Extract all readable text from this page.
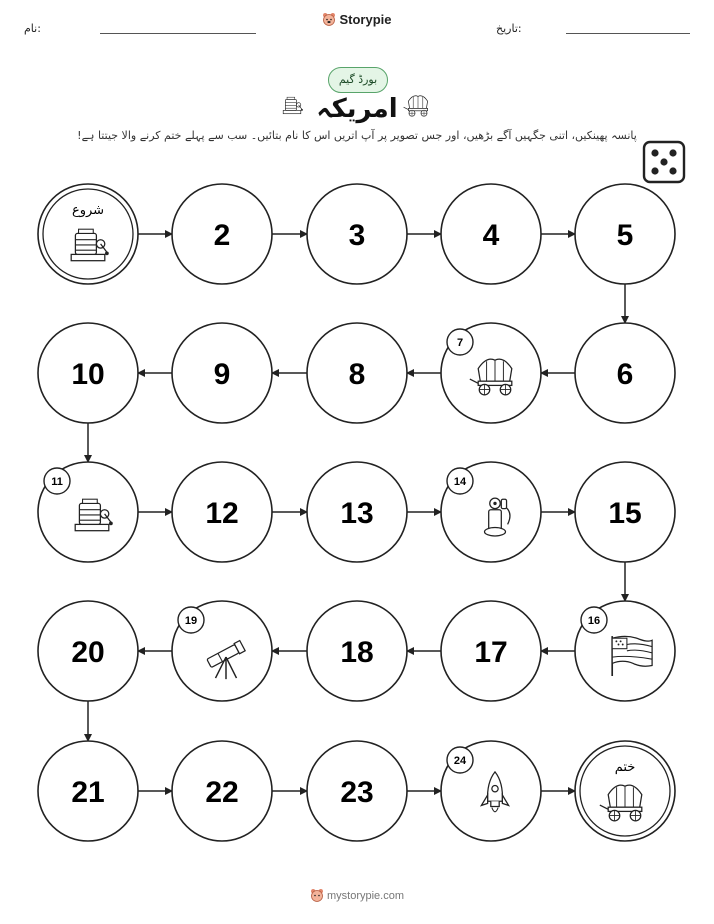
نام:
Storypie
تاریخ:
بورڈ گیم
امریکہ
پانسہ پھینکیں، اتنی جگہیں آگے بڑھیں، اور جس تصویر پر آپ اتریں اس کا نام بتائیں۔ سب سے پہلے ختم کرنے والا جیتتا ہے!
شروع
2	3	4	5
6
7
8
9
10
11
12	13
14
15
16
17
18
19
20
21	22	23
24	ختم
mystorypie.com
